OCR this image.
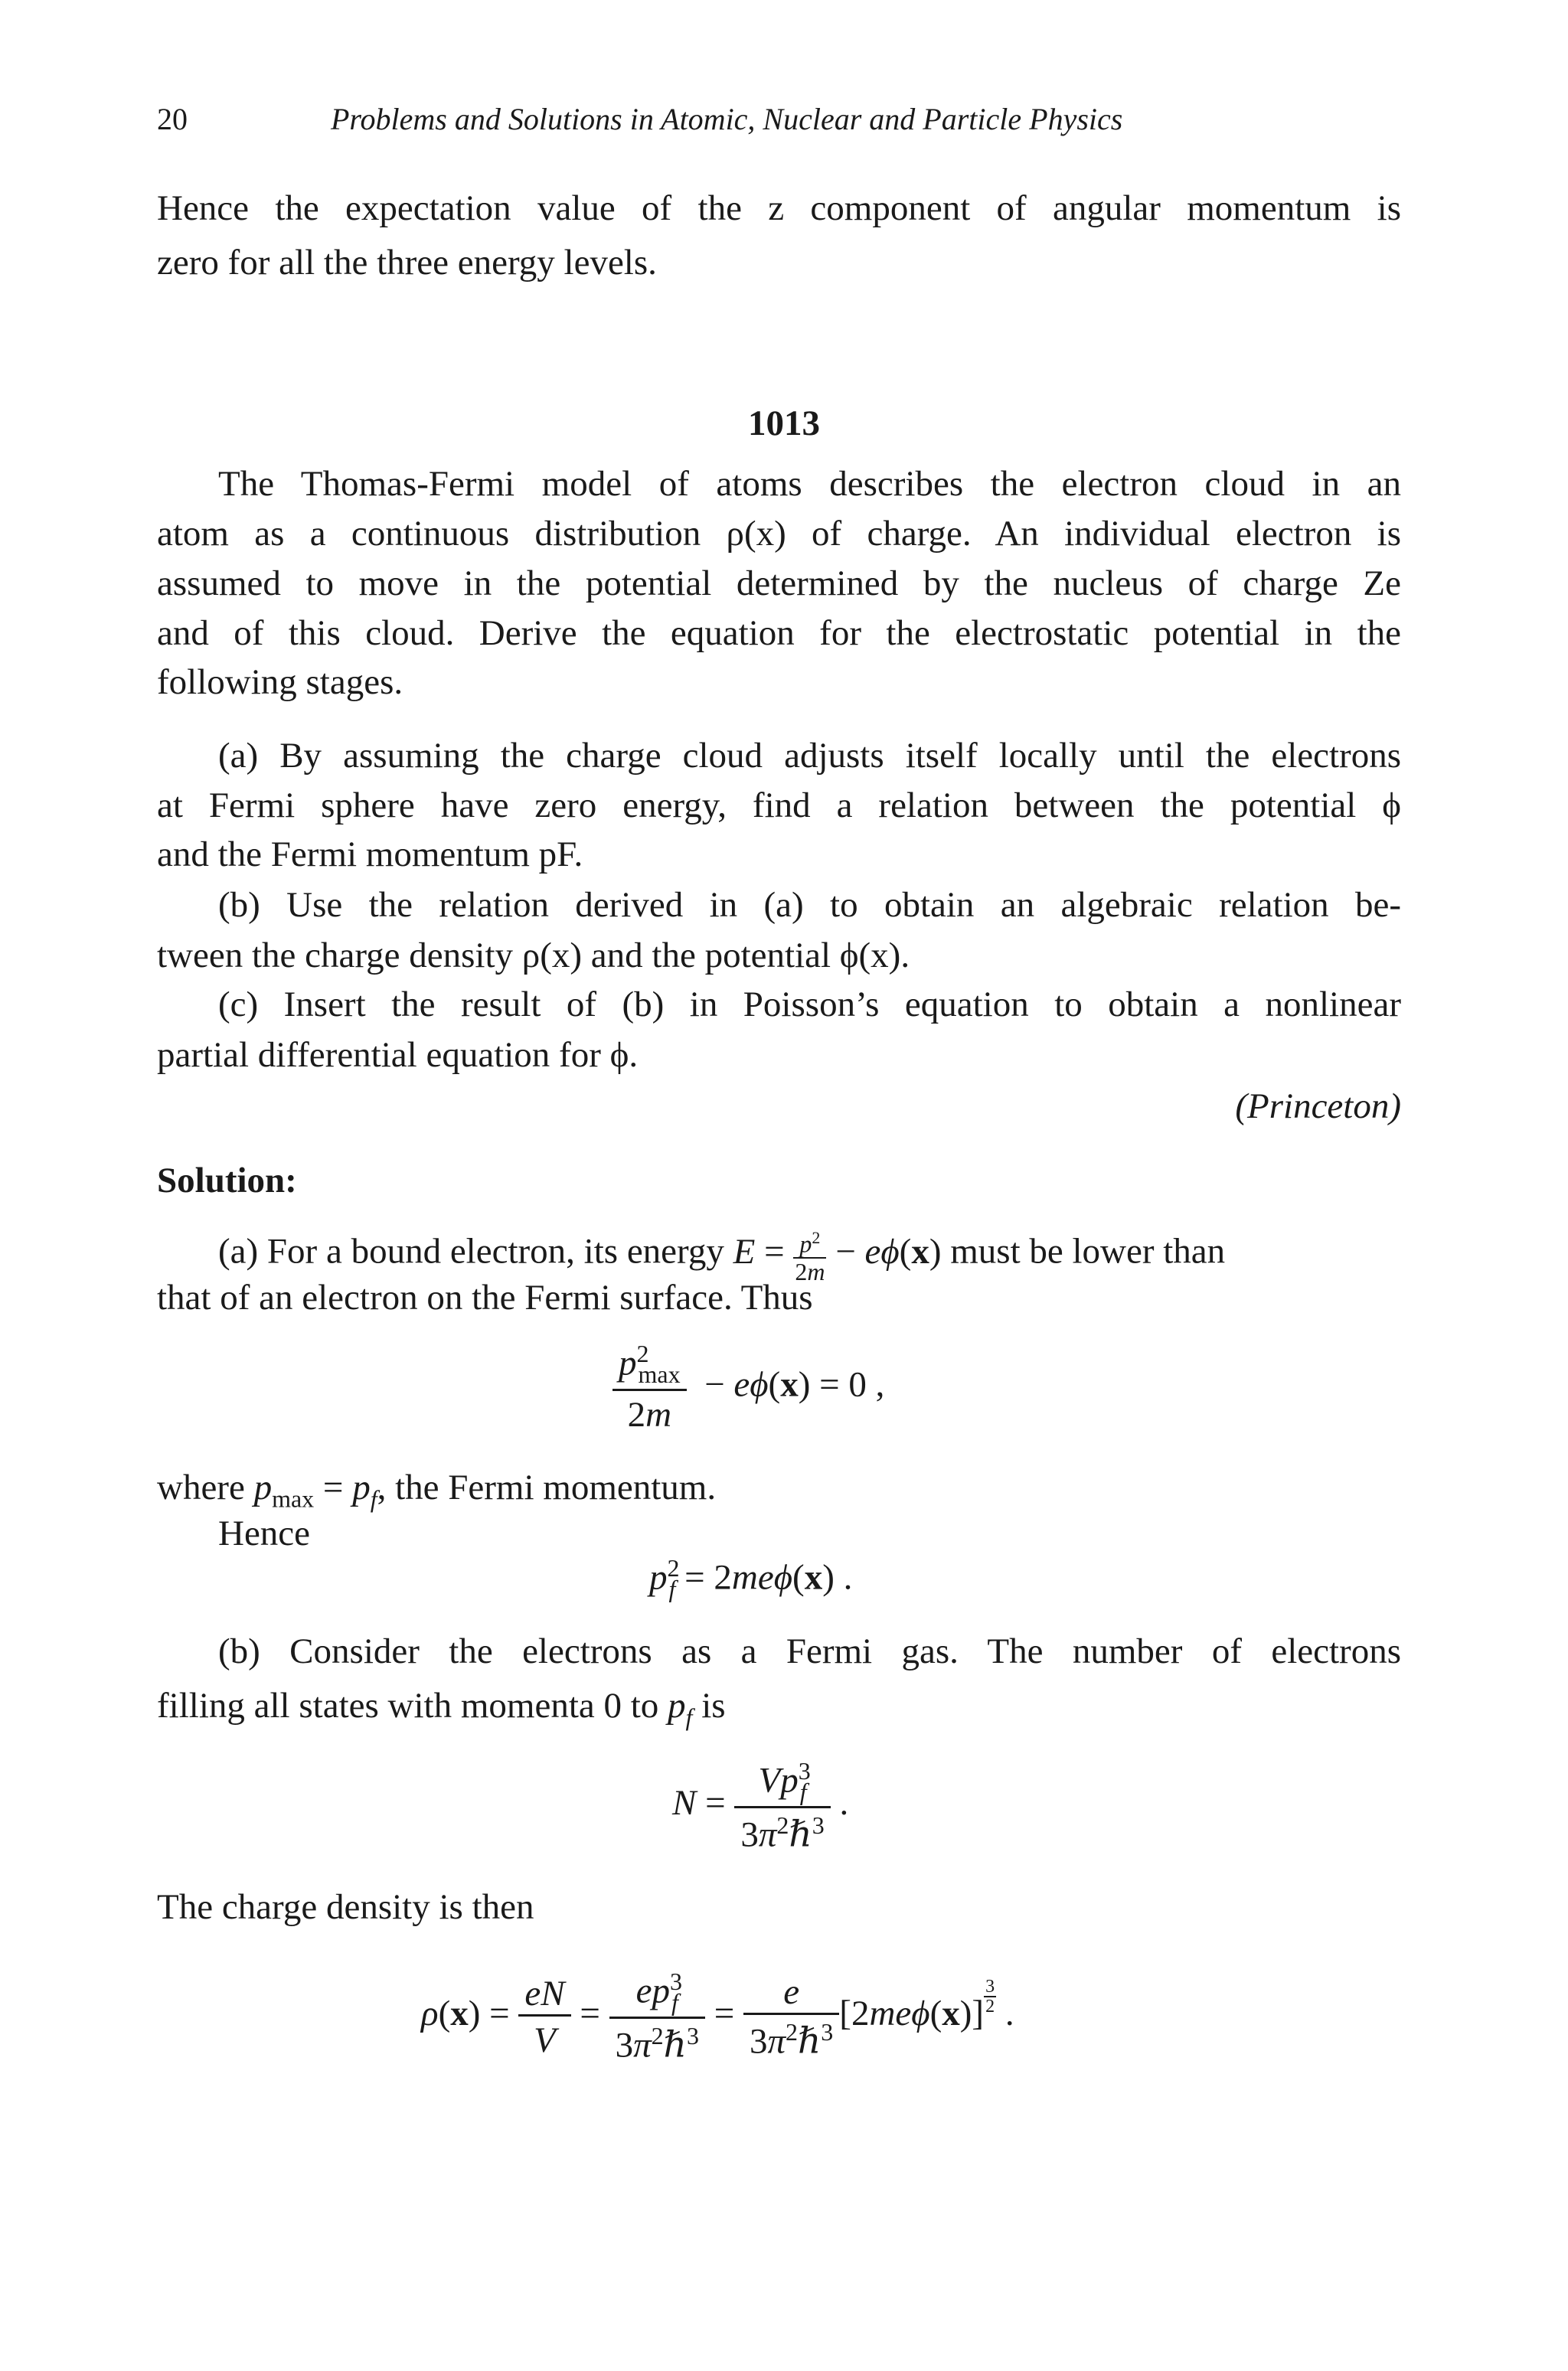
20	Problems and Solutions in Atomic, Nuclear and Particle Physics
Hence the expectation value of the z component of angular momentum is
zero for all the three energy levels.
1013
The Thomas-Fermi model of atoms describes the electron cloud in an
atom as a continuous distribution ρ(x) of charge. An individual electron is
assumed to move in the potential determined by the nucleus of charge Ze
and of this cloud. Derive the equation for the electrostatic potential in the
following stages.
(a) By assuming the charge cloud adjusts itself locally until the electrons
at Fermi sphere have zero energy, find a relation between the potential ϕ
and the Fermi momentum pF.
(b) Use the relation derived in (a) to obtain an algebraic relation be-
tween the charge density ρ(x) and the potential ϕ(x).
(c) Insert the result of (b) in Poisson’s equation to obtain a nonlinear
partial differential equation for ϕ.
(Princeton)
Solution:
(a) For a bound electron, its energy $E = \frac{p^2}{2m} - e\phi(x)$ must be lower than
that of an electron on the Fermi surface. Thus
$\frac{p^2_{max}}{2m} - e\phi(x) = 0$ ,
where $p_{max} = p_f$, the Fermi momentum.
Hence
$p^2_f = 2me\phi(x)$ .
(b) Consider the electrons as a Fermi gas. The number of electrons
filling all states with momenta 0 to $p_f$ is
$N = \frac{Vp^3_f}{3\pi^2\hbar^3}$ .
The charge density is then
$\rho(x) = \frac{eN}{V} = \frac{ep^3_f}{3\pi^2\hbar^3} = \frac{e}{3\pi^2\hbar^3} [2me\phi(x)] \frac{3}{2}$ .
